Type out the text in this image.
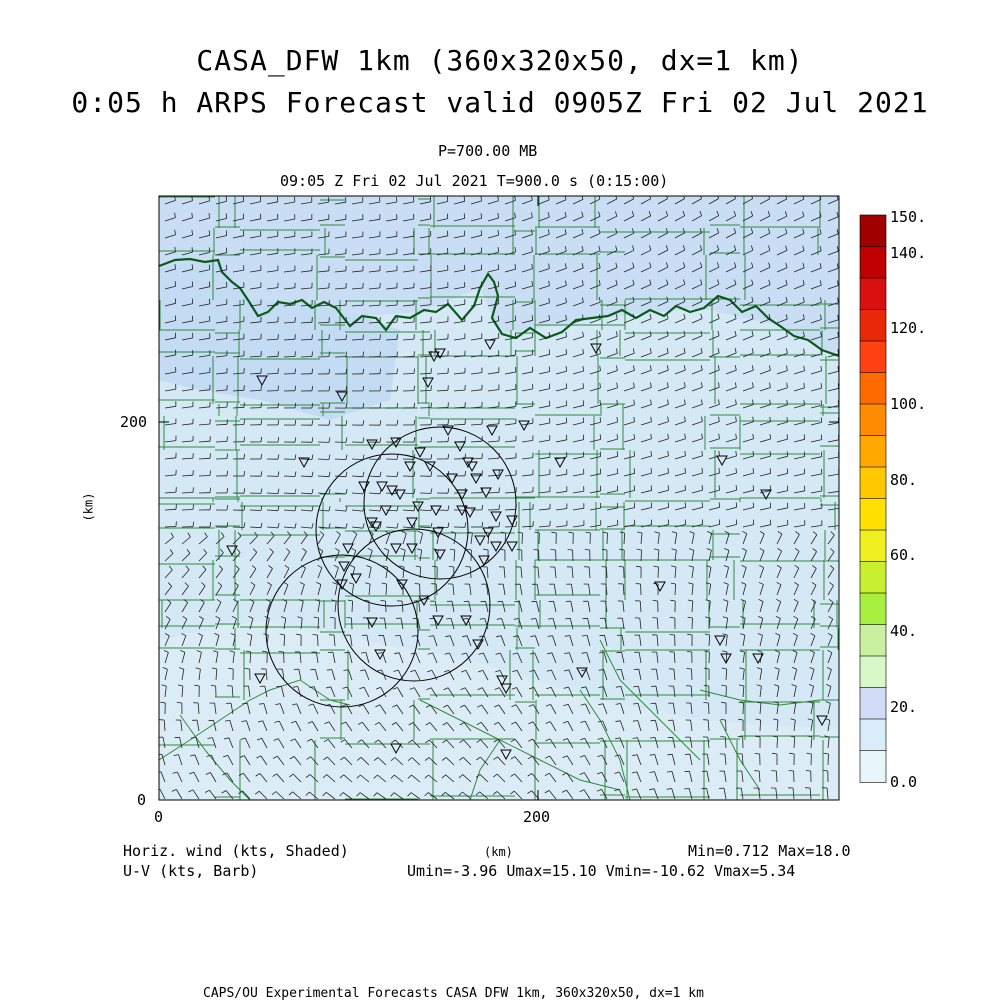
CASA_DFW 1km (360x320x50, dx=1 km)
0:05 h ARPS Forecast valid 0905Z Fri 02 Jul 2021
P=700.00 MB
09:05 Z Fri 02 Jul 2021 T=900.0 s (0:15:00)
200
0
0	200
(km)
(km)
150.
140.
120.
100.
80.
60.
40.
20.
0.0
Horiz. wind (kts, Shaded)
U-V (kts, Barb)
Min=0.712 Max=18.0
Umin=-3.96 Umax=15.10 Vmin=-10.62 Vmax=5.34
CAPS/OU Experimental Forecasts CASA DFW 1km, 360x320x50, dx=1 km
